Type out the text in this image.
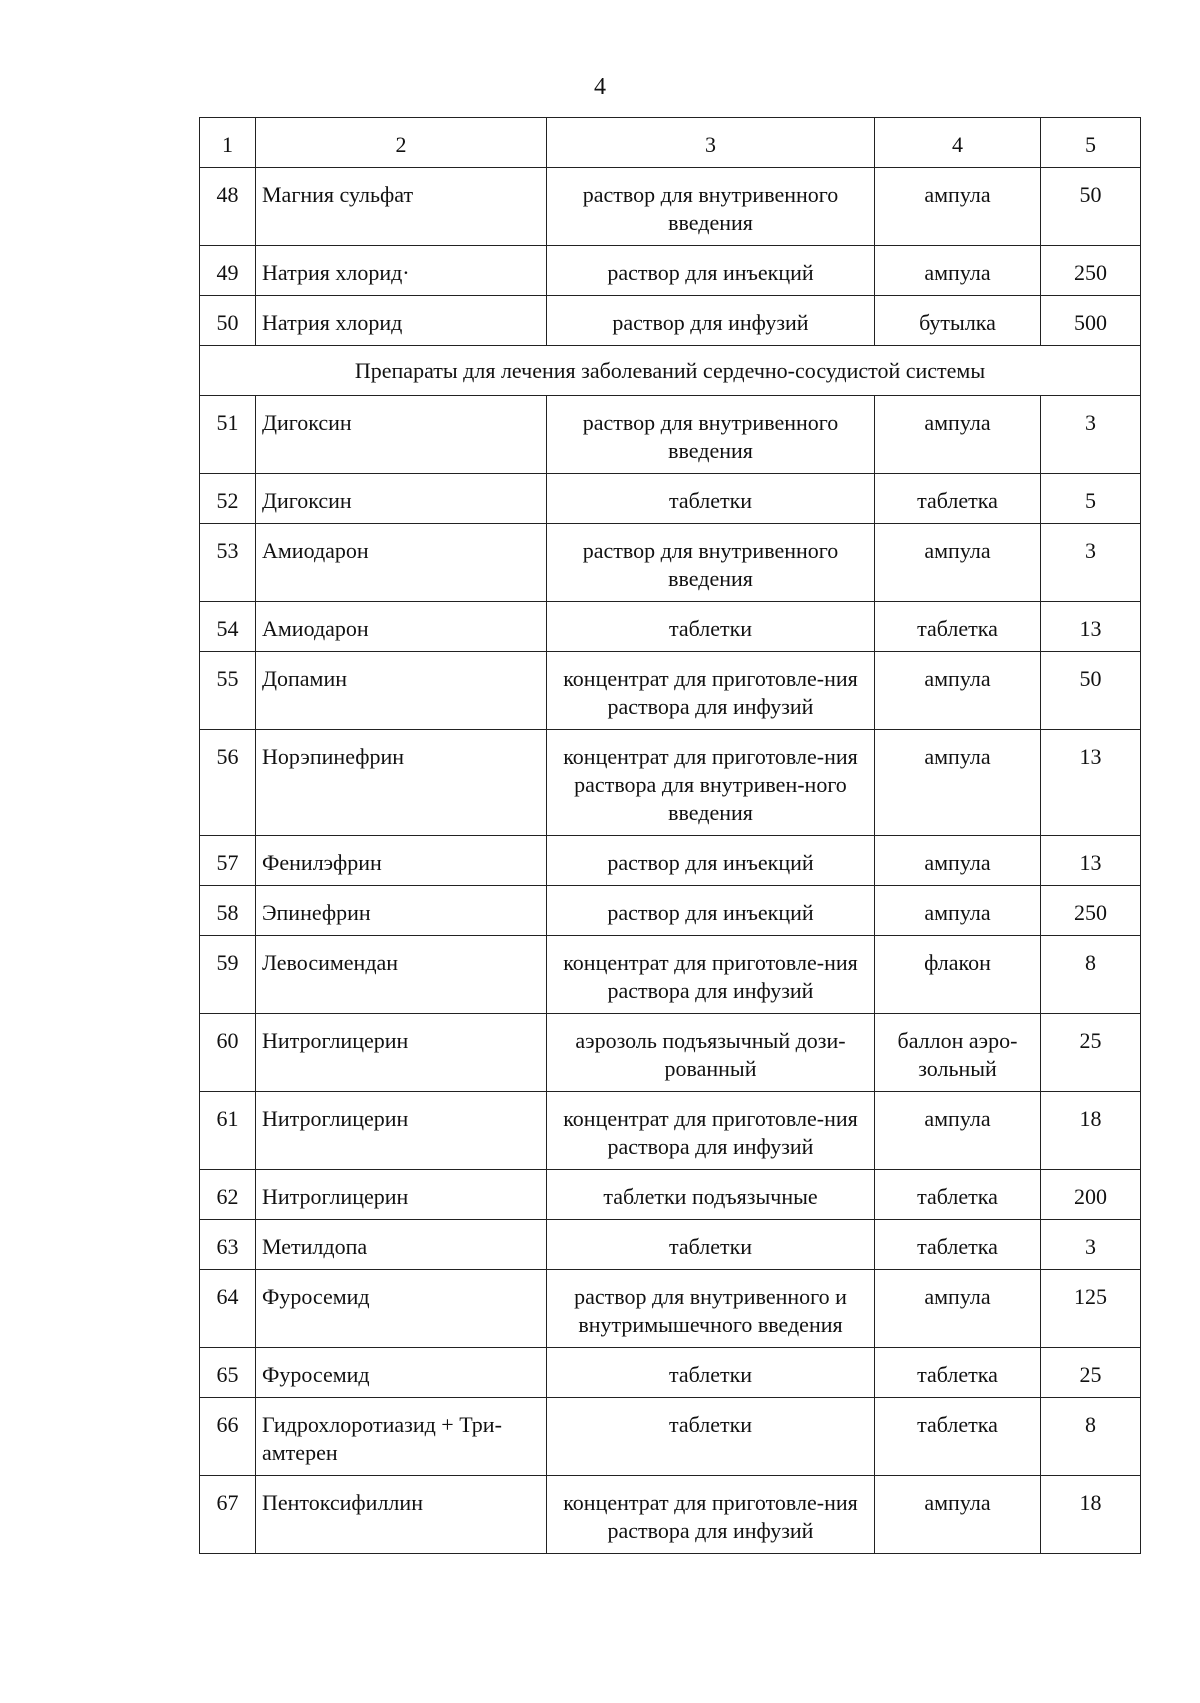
4
1	2	3	4	5
48	Магния сульфат	раствор для внутривенного введения	ампула	50
49	Натрия хлорид·	раствор для инъекций	ампула	250
50	Натрия хлорид	раствор для инфузий	бутылка	500
Препараты для лечения заболеваний сердечно-сосудистой системы				
51	Дигоксин	раствор для внутривенного введения	ампула	3
52	Дигоксин	таблетки	таблетка	5
53	Амиодарон	раствор для внутривенного введения	ампула	3
54	Амиодарон	таблетки	таблетка	13
55	Допамин	концентрат для приготовле-ния раствора для инфузий	ампула	50
56	Норэпинефрин	концентрат для приготовле-ния раствора для внутривен-ного введения	ампула	13
57	Фенилэфрин	раствор для инъекций	ампула	13
58	Эпинефрин	раствор для инъекций	ампула	250
59	Левосимендан	концентрат для приготовле-ния раствора для инфузий	флакон	8
60	Нитроглицерин	аэрозоль подъязычный дози-рованный	баллон аэро-зольный	25
61	Нитроглицерин	концентрат для приготовле-ния раствора для инфузий	ампула	18
62	Нитроглицерин	таблетки подъязычные	таблетка	200
63	Метилдопа	таблетки	таблетка	3
64	Фуросемид	раствор для внутривенного и внутримышечного введения	ампула	125
65	Фуросемид	таблетки	таблетка	25
66	Гидрохлоротиазид + Три-амтерен	таблетки	таблетка	8
67	Пентоксифиллин	концентрат для приготовле-ния раствора для инфузий	ампула	18
